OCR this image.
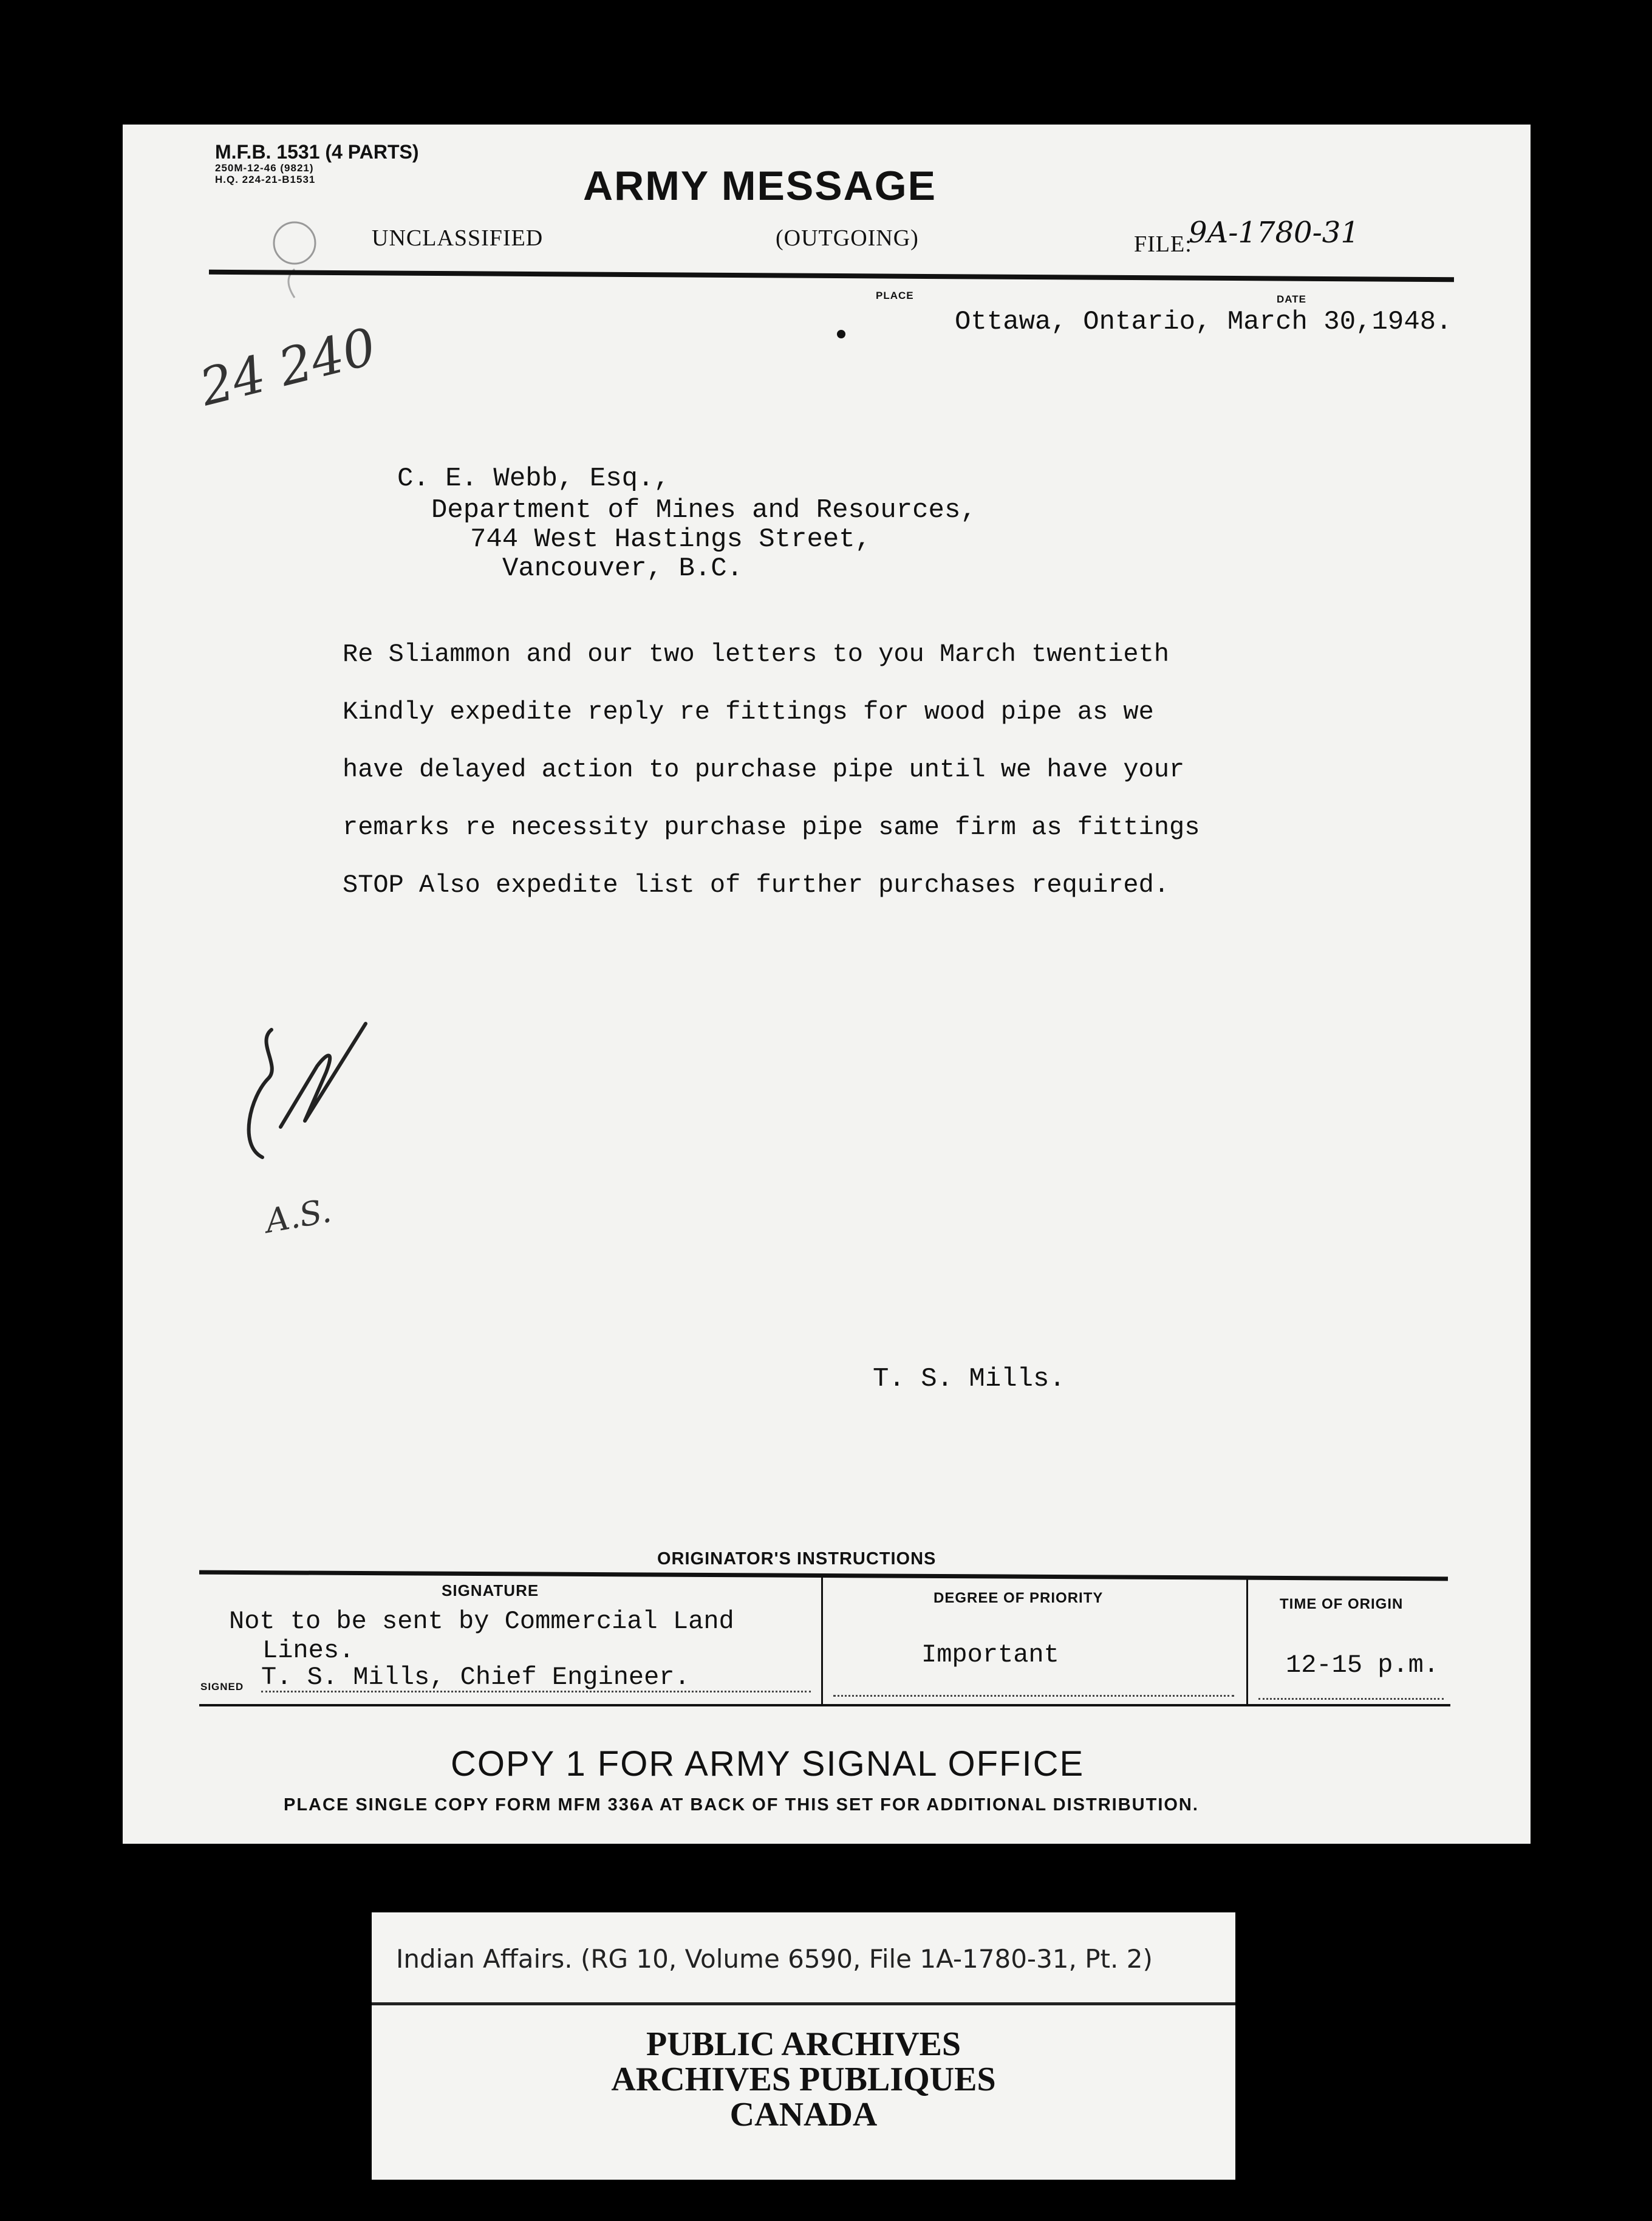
M.F.B. 1531 (4 PARTS)
250M-12-46 (9821)
H.Q. 224-21-B1531	ARMY MESSAGE
UNCLASSIFIED	(OUTGOING)	FILE:
9A-1780-31
PLACE	DATE
Ottawa, Ontario, March 30,1948.
24 240
C. E. Webb, Esq.,
Department of Mines and Resources,
744 West Hastings Street,
Vancouver, B.C.
Re Sliammon and our two letters to you March twentieth
Kindly expedite reply re fittings for wood pipe as we
have delayed action to purchase pipe until we have your
remarks re necessity purchase pipe same firm as fittings
STOP Also expedite list of further purchases required.
A.S.
T. S. Mills.
ORIGINATOR'S INSTRUCTIONS
SIGNATURE	DEGREE OF PRIORITY	TIME OF ORIGIN
Not to be sent by Commercial Land
Lines.
SIGNED T. S. Mills, Chief Engineer.
Important	12-15 p.m.
COPY 1 FOR ARMY SIGNAL OFFICE
PLACE SINGLE COPY FORM MFM 336A AT BACK OF THIS SET FOR ADDITIONAL DISTRIBUTION.
Indian Affairs. (RG 10, Volume 6590, File 1A-1780-31, Pt. 2)
PUBLIC ARCHIVES
ARCHIVES PUBLIQUES
CANADA
